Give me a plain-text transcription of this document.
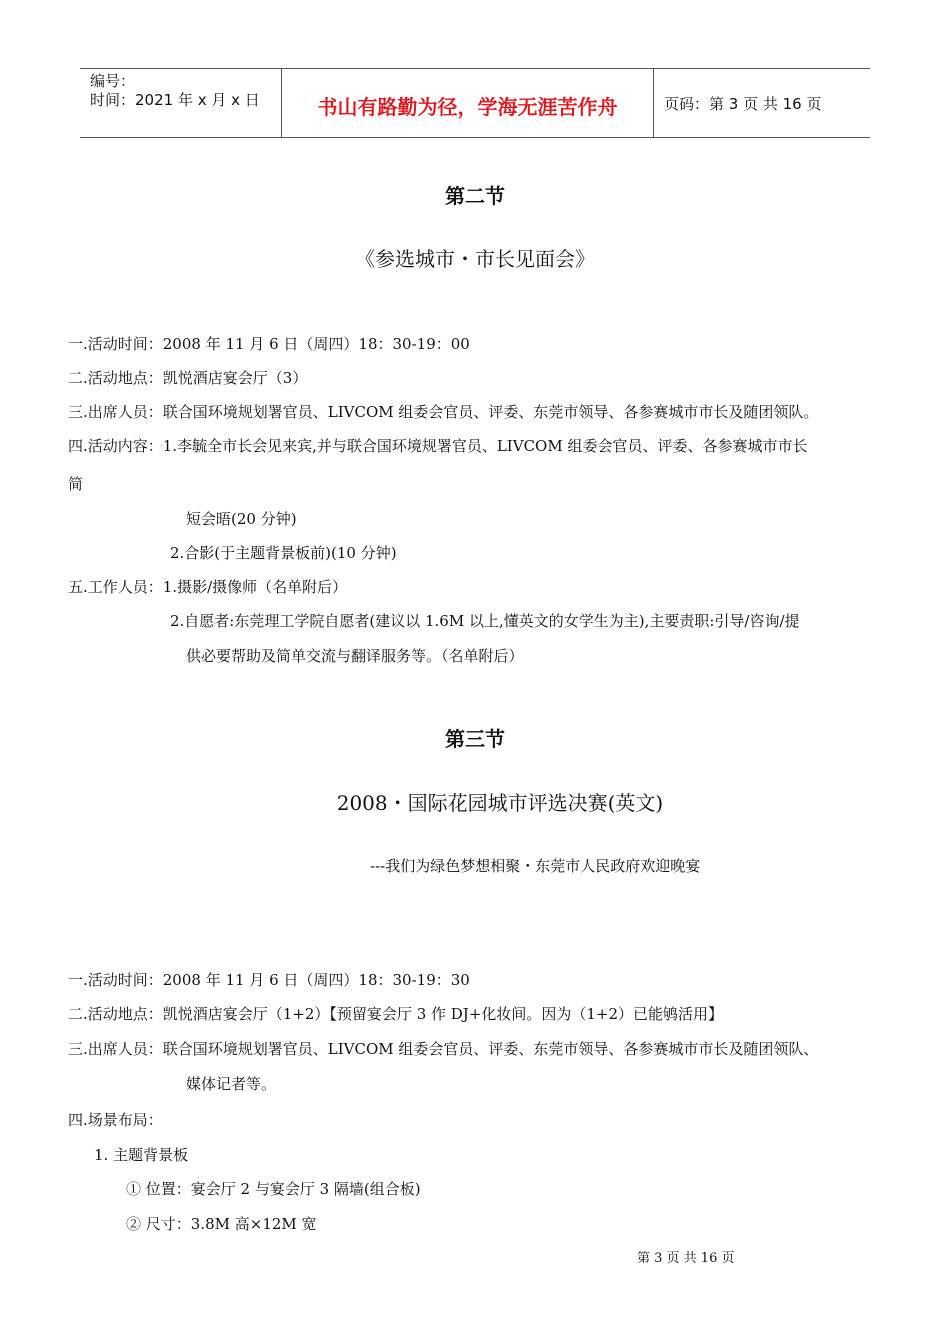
编号：
时间：2021 年 x 月 x 日	书山有路勤为径，学海无涯苦作舟	页码：第 3 页 共 16 页
第二节
《参选城市・市长见面会》
一.活动时间：2008 年 11 月 6 日（周四）18：30-19：00
二.活动地点：凯悦酒店宴会厅（3）
三.出席人员：联合国环境规划署官员、LIVCOM 组委会官员、评委、东莞市领导、各参赛城市市长及随团领队。
四.活动内容：1.李毓全市长会见来宾,并与联合国环境规署官员、LIVCOM 组委会官员、评委、各参赛城市市长
简
短会晤(20 分钟)
2.合影(于主题背景板前)(10 分钟)
五.工作人员：1.摄影/摄像师（名单附后）
2.自愿者:东莞理工学院自愿者(建议以 1.6M 以上,懂英文的女学生为主),主要责职:引导/咨询/提
供必要帮助及简单交流与翻译服务等。（名单附后）
第三节
2008・国际花园城市评选决赛(英文)
---我们为绿色梦想相聚・东莞市人民政府欢迎晚宴
一.活动时间：2008 年 11 月 6 日（周四）18：30-19：30
二.活动地点：凯悦酒店宴会厅（1+2）【预留宴会厅 3 作 DJ+化妆间。因为（1+2）已能鸲活用】
三.出席人员：联合国环境规划署官员、LIVCOM 组委会官员、评委、东莞市领导、各参赛城市市长及随团领队、
媒体记者等。
四.场景布局：
1. 主题背景板
① 位置：宴会厅 2 与宴会厅 3 隔墙(组合板)
② 尺寸：3.8M 高×12M 宽
第 3 页 共 16 页
